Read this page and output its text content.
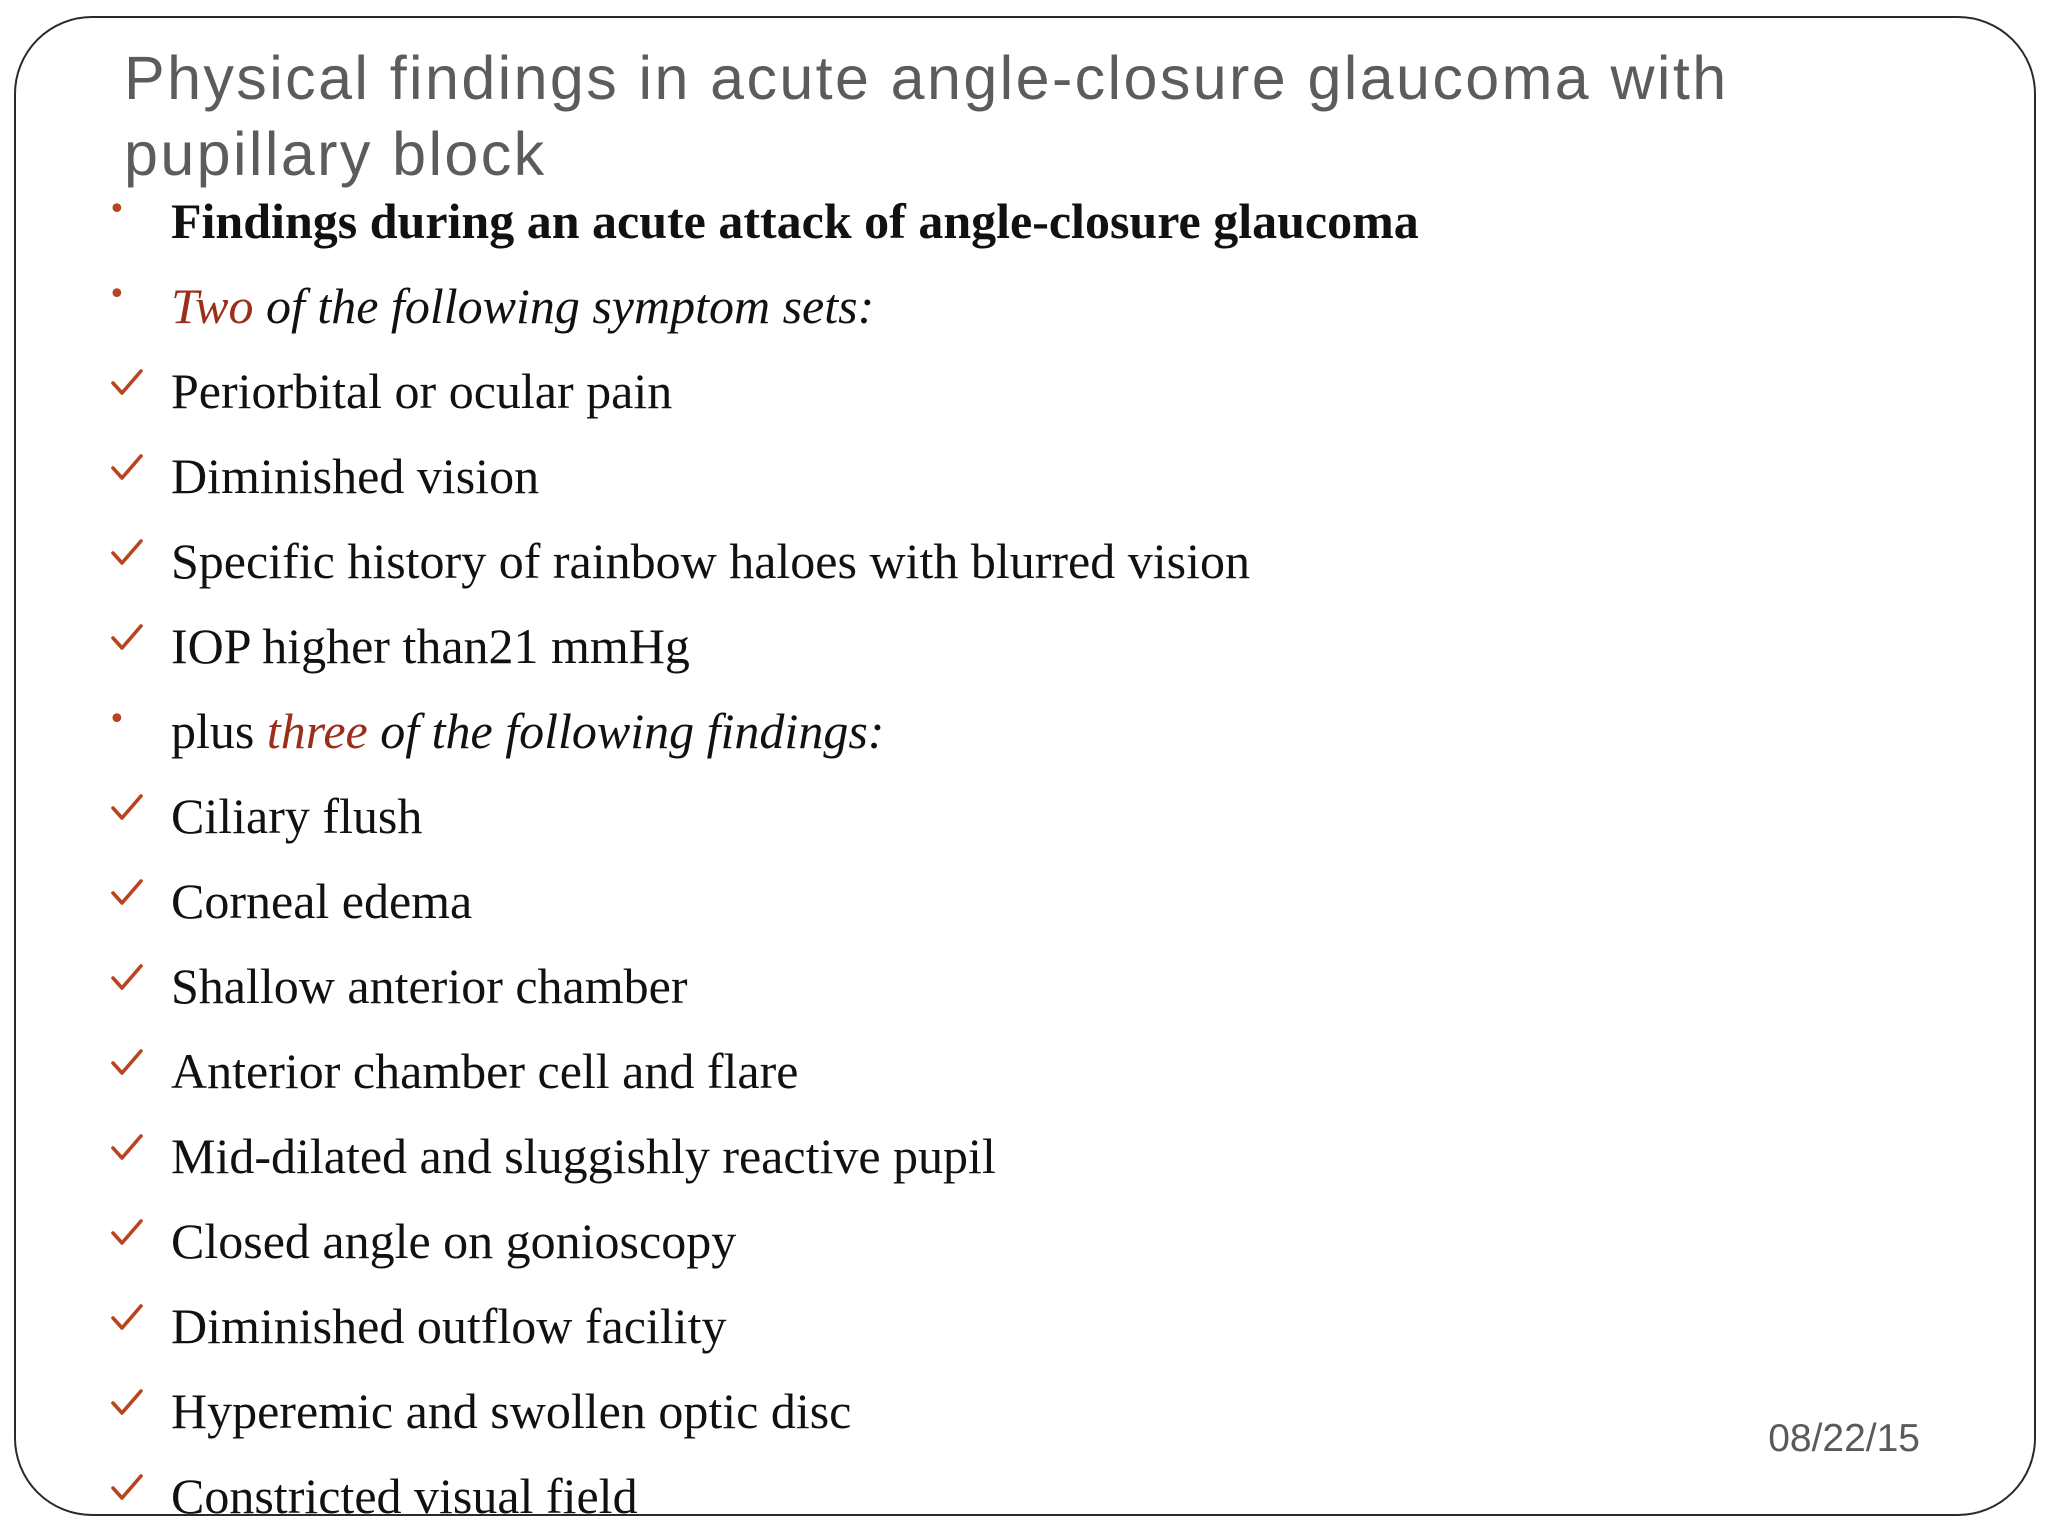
Physical findings in acute angle-closure glaucoma with pupillary block
• Findings during an acute attack of angle-closure glaucoma
• Two of the following symptom sets:
Periorbital or ocular pain
Diminished vision
Specific history of rainbow haloes with blurred vision
IOP higher than21 mmHg
• plus three of the following findings:
Ciliary flush
Corneal edema
Shallow anterior chamber
Anterior chamber cell and flare
Mid-dilated and sluggishly reactive pupil
Closed angle on gonioscopy
Diminished outflow facility
Hyperemic and swollen optic disc
Constricted visual field
08/22/15
